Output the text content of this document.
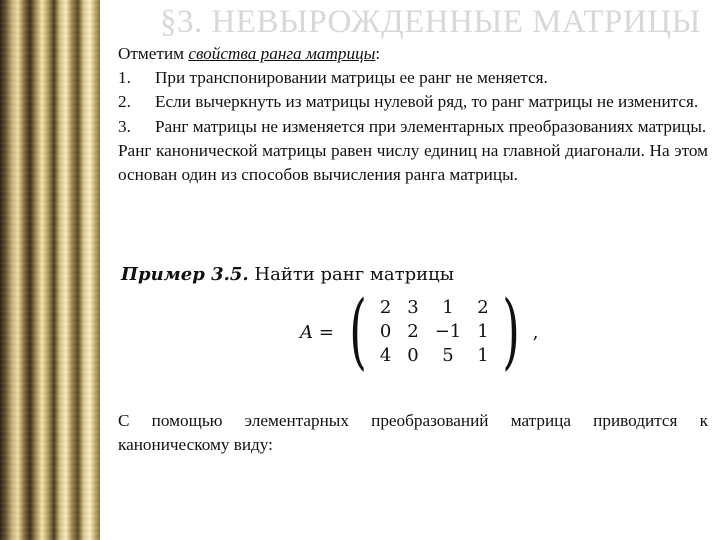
§3. НЕВЫРОЖДЕННЫЕ МАТРИЦЫ

Отметим свойства ранга матрицы:

1.	При транспонировании матрицы ее ранг не меняется.
2.	Если вычеркнуть из матрицы нулевой ряд, то ранг матрицы не изменится.
3.	Ранг матрицы не изменяется при элементарных преобразованиях матрицы.

Ранг канонической матрицы равен числу единиц на главной диагонали. На этом основан один из способов вычисления ранга матрицы.

Пример 3.5. Найти ранг матрицы
A = ( 2	3	1	2
0	2	−1	1
4	0	5	1 ) ,

С помощью элементарных преобразований матрица приводится к каноническому виду:
